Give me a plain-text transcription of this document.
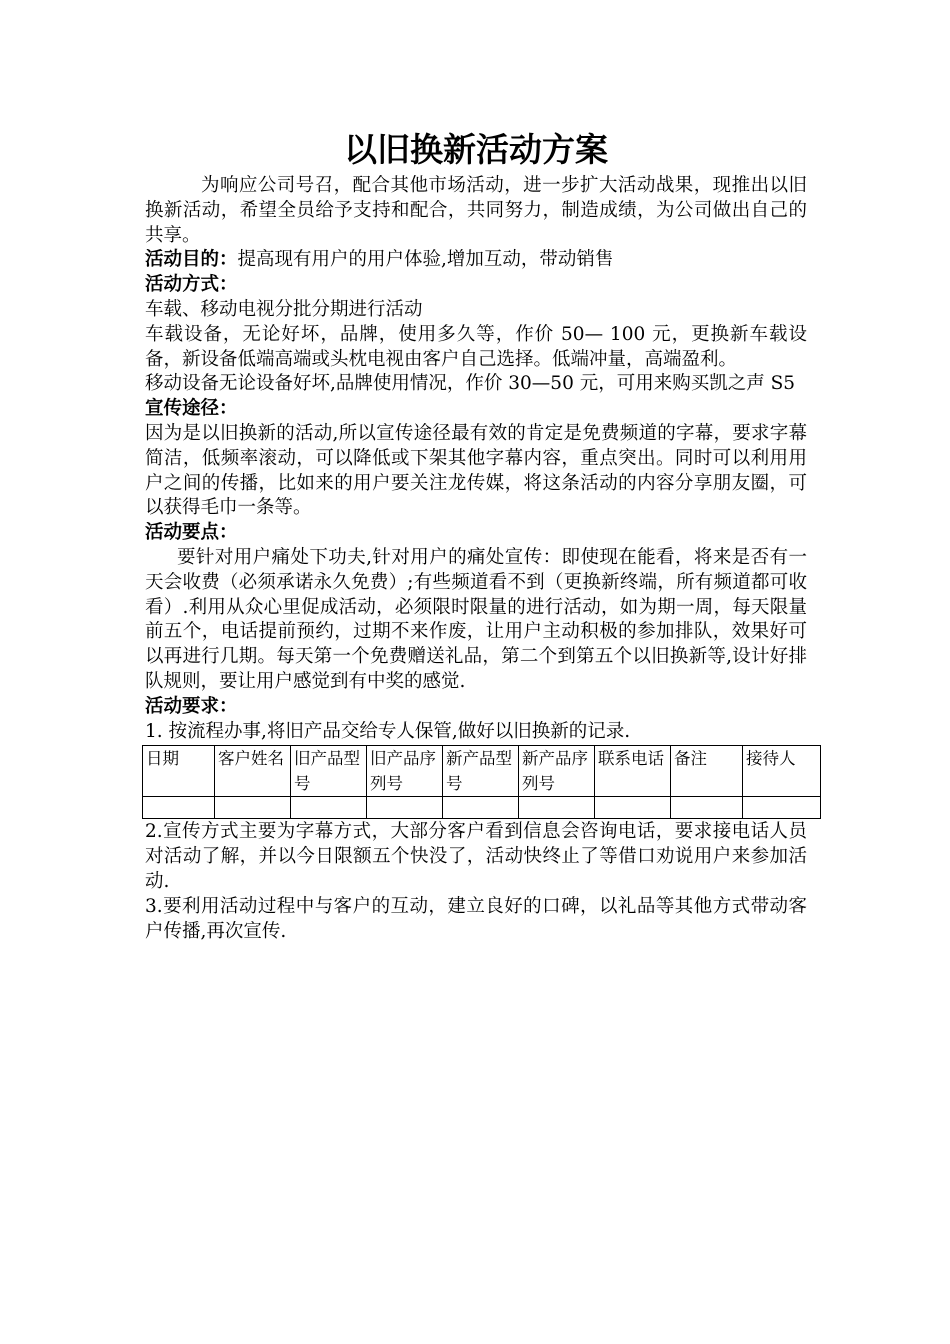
以旧换新活动方案

为响应公司号召，配合其他市场活动，进一步扩大活动战果，现推出以旧换新活动，希望全员给予支持和配合，共同努力，制造成绩，为公司做出自己的共享。

活动目的：提高现有用户的用户体验,增加互动，带动销售

活动方式：

车载、移动电视分批分期进行活动

车载设备，无论好坏，品牌，使用多久等，作价 50— 100 元，更换新车载设备，新设备低端高端或头枕电视由客户自己选择。低端冲量，高端盈利。

移动设备无论设备好坏,品牌使用情况，作价 30—50 元，可用来购买凯之声 S5

宣传途径：

因为是以旧换新的活动,所以宣传途径最有效的肯定是免费频道的字幕，要求字幕简洁，低频率滚动，可以降低或下架其他字幕内容，重点突出。同时可以利用用户之间的传播，比如来的用户要关注龙传媒，将这条活动的内容分享朋友圈，可以获得毛巾一条等。

活动要点：

要针对用户痛处下功夫,针对用户的痛处宣传：即使现在能看，将来是否有一天会收费（必须承诺永久免费）;有些频道看不到（更换新终端，所有频道都可收看）.利用从众心里促成活动，必须限时限量的进行活动，如为期一周，每天限量前五个，电话提前预约，过期不来作废，让用户主动积极的参加排队，效果好可以再进行几期。每天第一个免费赠送礼品，第二个到第五个以旧换新等,设计好排队规则，要让用户感觉到有中奖的感觉.

活动要求：

1. 按流程办事,将旧产品交给专人保管,做好以旧换新的记录.

日期	客户姓名	旧产品型号	旧产品序列号	新产品型号	新产品序列号	联系电话	备注	接待人

2.宣传方式主要为字幕方式，大部分客户看到信息会咨询电话，要求接电话人员对活动了解，并以今日限额五个快没了，活动快终止了等借口劝说用户来参加活动.

3.要利用活动过程中与客户的互动，建立良好的口碑，以礼品等其他方式带动客户传播,再次宣传.
